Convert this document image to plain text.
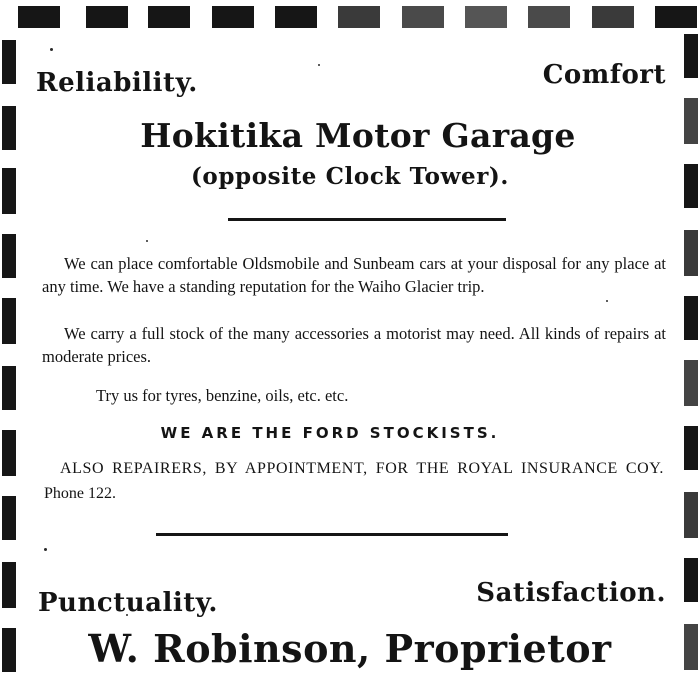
Reliability.	Comfort
Hokitika Motor Garage
(opposite Clock Tower).
We can place comfortable Oldsmobile and Sunbeam cars at your disposal for any place at any time. We have a standing reputation for the Waiho Glacier trip.
We carry a full stock of the many accessories a motorist may need. All kinds of repairs at moderate prices.
Try us for tyres, benzine, oils, etc. etc.
WE ARE THE FORD STOCKISTS.
ALSO REPAIRERS, BY APPOINTMENT, FOR THE ROYAL INSURANCE COY. Phone 122.
Punctuality.	Satisfaction.
W. Robinson, Proprietor
